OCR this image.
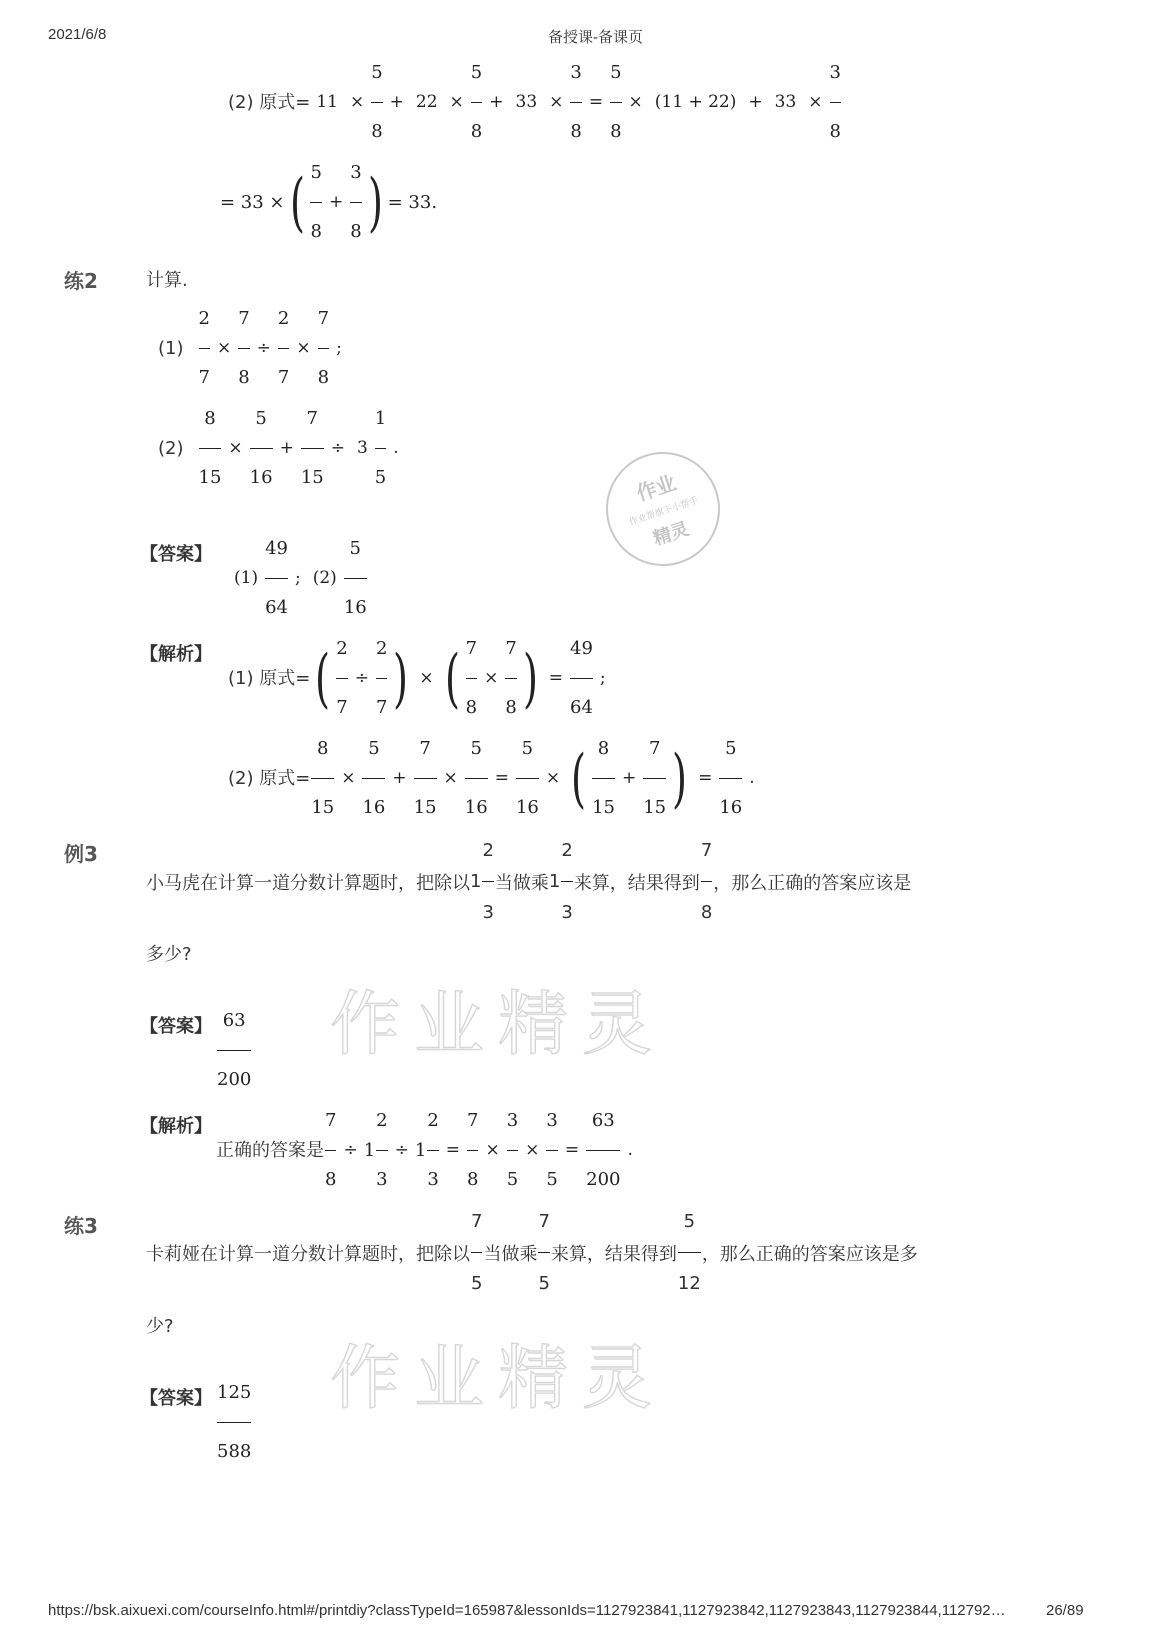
2021/6/8	备授课-备课页
(2) 原式= $11 \times \frac{5}{8} + 22 \times \frac{5}{8} + 33 \times \frac{3}{8} = \frac{5}{8} \times (11 + 22) + 33 \times \frac{3}{8}$
= 33 × ( $\frac{5}{8} + \frac{3}{8}$ ) = 33.
练2	计算.
$(1) \frac{2}{7} \times \frac{7}{8} \div \frac{2}{7} \times \frac{7}{8}$ ;
$(2) \frac{8}{15} \times \frac{5}{16} + \frac{7}{15} \div 3 \frac{1}{5}$ .
【答案】
$(1) \frac{49}{64}$ ; $(2) \frac{5}{16}$
【解析】
(1) 原式= ( $\frac{2}{7} \div \frac{2}{7}$ ) × ( $\frac{7}{8} \times \frac{7}{8}$ ) = $\frac{49}{64}$ ;
(2) 原式= $\frac{8}{15} \times \frac{5}{16} + \frac{7}{15} \times \frac{5}{16} = \frac{5}{16}$ × ( $\frac{8}{15} + \frac{7}{15}$ ) = $\frac{5}{16}$ .
例3
小马虎在计算一道分数计算题时，把除以 $1 \frac{2}{3}$ 当做乘 $1 \frac{2}{3}$ 来算，结果得到 $\frac{7}{8}$ ，那么正确的答案应该是
多少?
【答案】 $\frac{63}{200}$
【解析】
正确的答案是 $\frac{7}{8} \div 1 \frac{2}{3} \div 1 \frac{2}{3} = \frac{7}{8} \times \frac{3}{5} \times \frac{3}{5} = \frac{63}{200}$ .
练3
卡莉娅在计算一道分数计算题时，把除以 $\frac{7}{5}$ 当做乘 $\frac{7}{5}$ 来算，结果得到 $\frac{5}{12}$ ，那么正确的答案应该是多
少?
【答案】 $\frac{125}{588}$
作业
作业帮旗下小帮手
精灵
作业精灵
作业精灵
https://bsk.aixuexi.com/courseInfo.html#/printdiy?classTypeId=165987&lessonIds=1127923841,1127923842,1127923843,1127923844,112792…	26/89
